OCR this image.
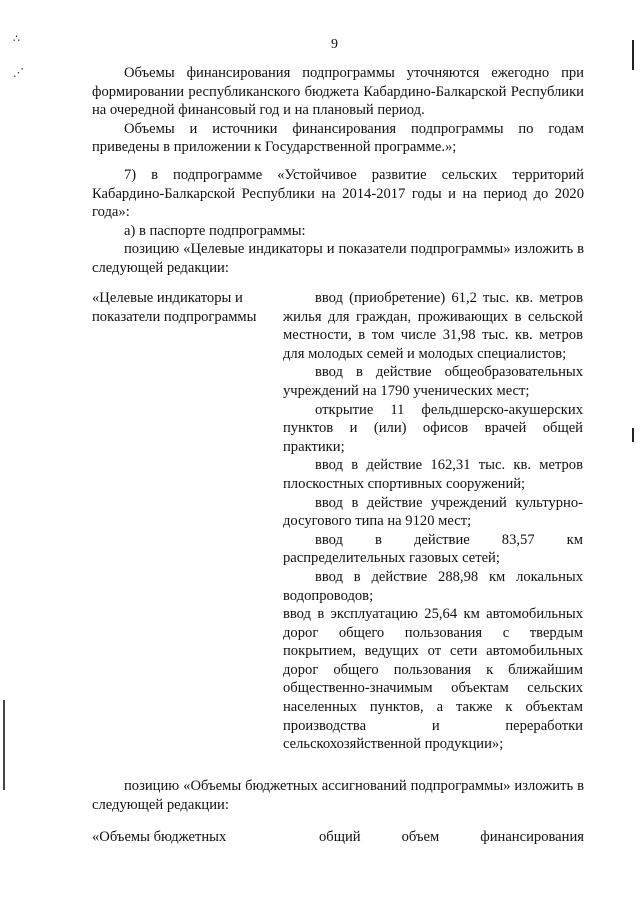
∴
⋰
9

Объемы финансирования подпрограммы уточняются ежегодно при формировании республиканского бюджета Кабардино-Балкарской Республики на очередной финансовый год и на плановый период.

Объемы и источники финансирования подпрограммы по годам приведены в приложении к Государственной программе.»;

7) в подпрограмме «Устойчивое развитие сельских территорий Кабардино-Балкарской Республики на 2014-2017 годы и на период до 2020 года»:

а) в паспорте подпрограммы:

позицию «Целевые индикаторы и показатели подпрограммы» изложить в следующей редакции:

«Целевые индикаторы и показатели подпрограммы

ввод (приобретение) 61,2 тыс. кв. метров жилья для граждан, проживающих в сельской местности, в том числе 31,98 тыс. кв. метров для молодых семей и молодых специалистов;

ввод в действие общеобразовательных учреждений на 1790 ученических мест;

открытие 11 фельдшерско-акушерских пунктов и (или) офисов врачей общей практики;

ввод в действие 162,31 тыс. кв. метров плоскостных спортивных сооружений;

ввод в действие учреждений культурно-досугового типа на 9120 мест;

ввод в действие 83,57 км распределительных газовых сетей;

ввод в действие 288,98 км локальных водопроводов;

ввод в эксплуатацию 25,64 км автомобильных дорог общего пользования с твердым покрытием, ведущих от сети автомобильных дорог общего пользования к ближайшим общественно-значимым объектам сельских населенных пунктов, а также к объектам производства и переработки сельскохозяйственной продукции»;

позицию «Объемы бюджетных ассигнований подпрограммы» изложить в следующей редакции:

«Объемы бюджетных	общий объем финансирования
